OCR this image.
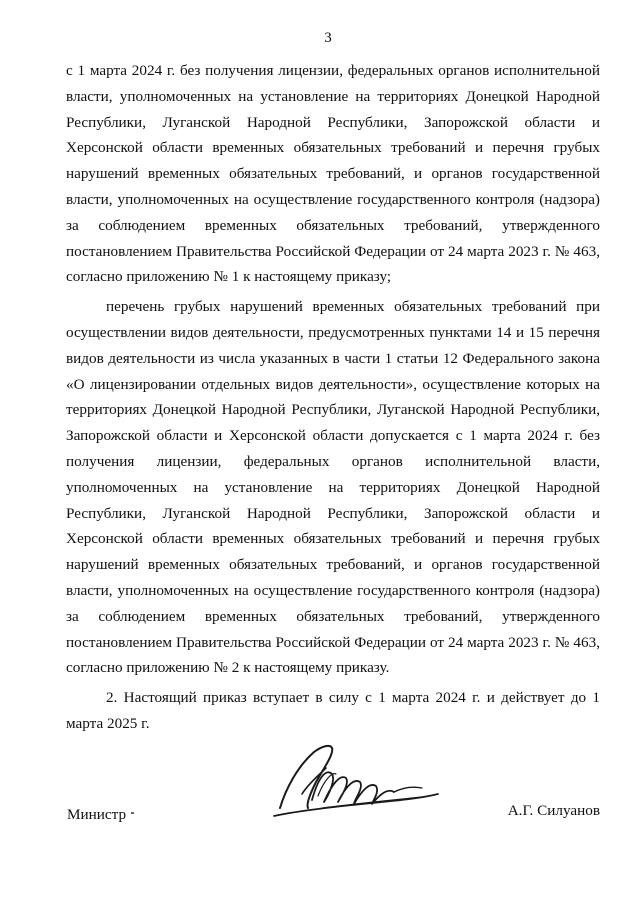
3

с 1 марта 2024 г. без получения лицензии, федеральных органов исполнительной власти, уполномоченных на установление на территориях Донецкой Народной Республики, Луганской Народной Республики, Запорожской области и Херсонской области временных обязательных требований и перечня грубых нарушений временных обязательных требований, и органов государственной власти, уполномоченных на осуществление государственного контроля (надзора) за соблюдением временных обязательных требований, утвержденного постановлением Правительства Российской Федерации от 24 марта 2023 г. № 463, согласно приложению № 1 к настоящему приказу;

перечень грубых нарушений временных обязательных требований при осуществлении видов деятельности, предусмотренных пунктами 14 и 15 перечня видов деятельности из числа указанных в части 1 статьи 12 Федерального закона «О лицензировании отдельных видов деятельности», осуществление которых на территориях Донецкой Народной Республики, Луганской Народной Республики, Запорожской области и Херсонской области допускается с 1 марта 2024 г. без получения лицензии, федеральных органов исполнительной власти, уполномоченных на установление на территориях Донецкой Народной Республики, Луганской Народной Республики, Запорожской области и Херсонской области временных обязательных требований и перечня грубых нарушений временных обязательных требований, и органов государственной власти, уполномоченных на осуществление государственного контроля (надзора) за соблюдением временных обязательных требований, утвержденного постановлением Правительства Российской Федерации от 24 марта 2023 г. № 463, согласно приложению № 2 к настоящему приказу.

2. Настоящий приказ вступает в силу с 1 марта 2024 г. и действует до 1 марта 2025 г.

Министр	А.Г. Силуанов
